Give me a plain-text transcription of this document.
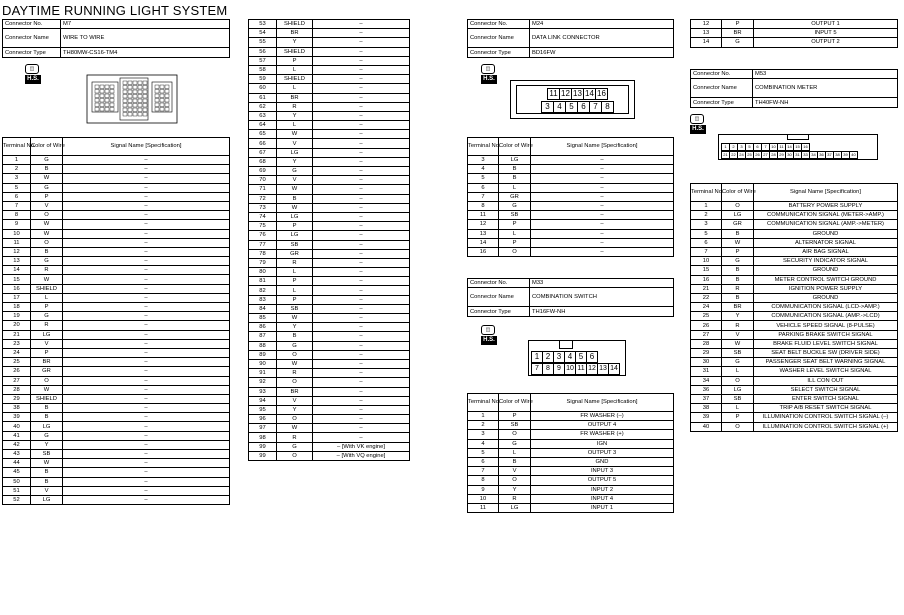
DAYTIME RUNNING LIGHT SYSTEM
Connector No.	M7
Connector Name	WIRE TO WIRE
Connector Type	TH80MW-CS16-TM4
◫
H.S.
Terminal No.	Color of Wire	Signal Name [Specification]
1	G	–
2	B	–
3	W	–
5	G	–
6	P	–
7	V	–
8	O	–
9	W	–
10	W	–
11	O	–
12	B	–
13	G	–
14	R	–
15	W	–
16	SHIELD	–
17	L	–
18	P	–
19	G	–
20	R	–
21	LG	–
23	V	–
24	P	–
25	BR	–
26	GR	–
27	O	–
28	W	–
29	SHIELD	–
38	B	–
39	B	–
40	LG	–
41	G	–
42	Y	–
43	SB	–
44	W	–
45	B	–
50	B	–
51	V	–
52	LG	–
53	SHIELD	–
54	BR	–
55	Y	–
56	SHIELD	–
57	P	–
58	L	–
59	SHIELD	–
60	L	–
61	BR	–
62	R	–
63	Y	–
64	L	–
65	W	–
66	V	–
67	LG	–
68	Y	–
69	G	–
70	V	–
71	W	–
72	B	–
73	W	–
74	LG	–
75	P	–
76	LG	–
77	SB	–
78	GR	–
79	R	–
80	L	–
81	P	–
82	L	–
83	P	–
84	SB	–
85	W	–
86	Y	–
87	B	–
88	G	–
89	O	–
90	W	–
91	R	–
92	O	–
93	BR	–
94	V	–
95	Y	–
96	O	–
97	W	–
98	R	–
99	G	– [With VK engine]
99	O	– [With VQ engine]
Connector No.	M24
Connector Name	DATA LINK CONNECTOR
Connector Type	BD16FW
◫
H.S.
11 12 13 14 16
3 4 5 6 7 8
Terminal No.	Color of Wire	Signal Name [Specification]
3	LG	–
4	B	–
5	B	–
6	L	–
7	GR	–
8	G	–
11	SB	–
12	P	–
13	L	–
14	P	–
16	O	–
Connector No.	M33
Connector Name	COMBINATION SWITCH
Connector Type	TH16FW-NH
◫
H.S.
1 2 3 4 5 6
7	8	9 10 11 12 13 14
Terminal No.	Color of Wire	Signal Name [Specification]
1	P	FR WASHER (–)
2	SB	OUTPUT 4
3	O	FR WASHER (+)
4	G	IGN
5	L	OUTPUT 3
6	B	GND
7	V	INPUT 3
8	O	OUTPUT 5
9	Y	INPUT 2
10	R	INPUT 4
11	LG	INPUT 1
12	P	OUTPUT 1
13	BR	INPUT 5
14	G	OUTPUT 2
Connector No.	M53
Connector Name	COMBINATION METER
Connector Type	TH40FW-NH
◫
H.S.
1	2	3	5	6	7	10 11 14 15 16
21 22 24 25 26 27 28 29 30 31 33 34 36 37 38 39 40
Terminal No.	Color of Wire	Signal Name [Specification]
1	O	BATTERY POWER SUPPLY
2	LG	COMMUNICATION SIGNAL (METER->AMP.)
3	GR	COMMUNICATION SIGNAL (AMP.->METER)
5	B	GROUND
6	W	ALTERNATOR SIGNAL
7	P	AIR BAG SIGNAL
10	G	SECURITY INDICATOR SIGNAL
15	B	GROUND
16	B	METER CONTROL SWITCH GROUND
21	R	IGNITION POWER SUPPLY
22	B	GROUND
24	BR	COMMUNICATION SIGNAL (LCD->AMP.)
25	Y	COMMUNICATION SIGNAL (AMP.->LCD)
26	R	VEHICLE SPEED SIGNAL (8-PULSE)
27	V	PARKING BRAKE SWITCH SIGNAL
28	W	BRAKE FLUID LEVEL SWITCH SIGNAL
29	SB	SEAT BELT BUCKLE SW (DRIVER SIDE)
30	G	PASSENGER SEAT BELT WARNING SIGNAL
31	L	WASHER LEVEL SWITCH SIGNAL
34	O	ILL CON OUT
36	LG	SELECT SWITCH SIGNAL
37	SB	ENTER SWITCH SIGNAL
38	L	TRIP A/B RESET SWITCH SIGNAL
39	P	ILLUMINATION CONTROL SWITCH SIGNAL (–)
40	O	ILLUMINATION CONTROL SWITCH SIGNAL (+)
